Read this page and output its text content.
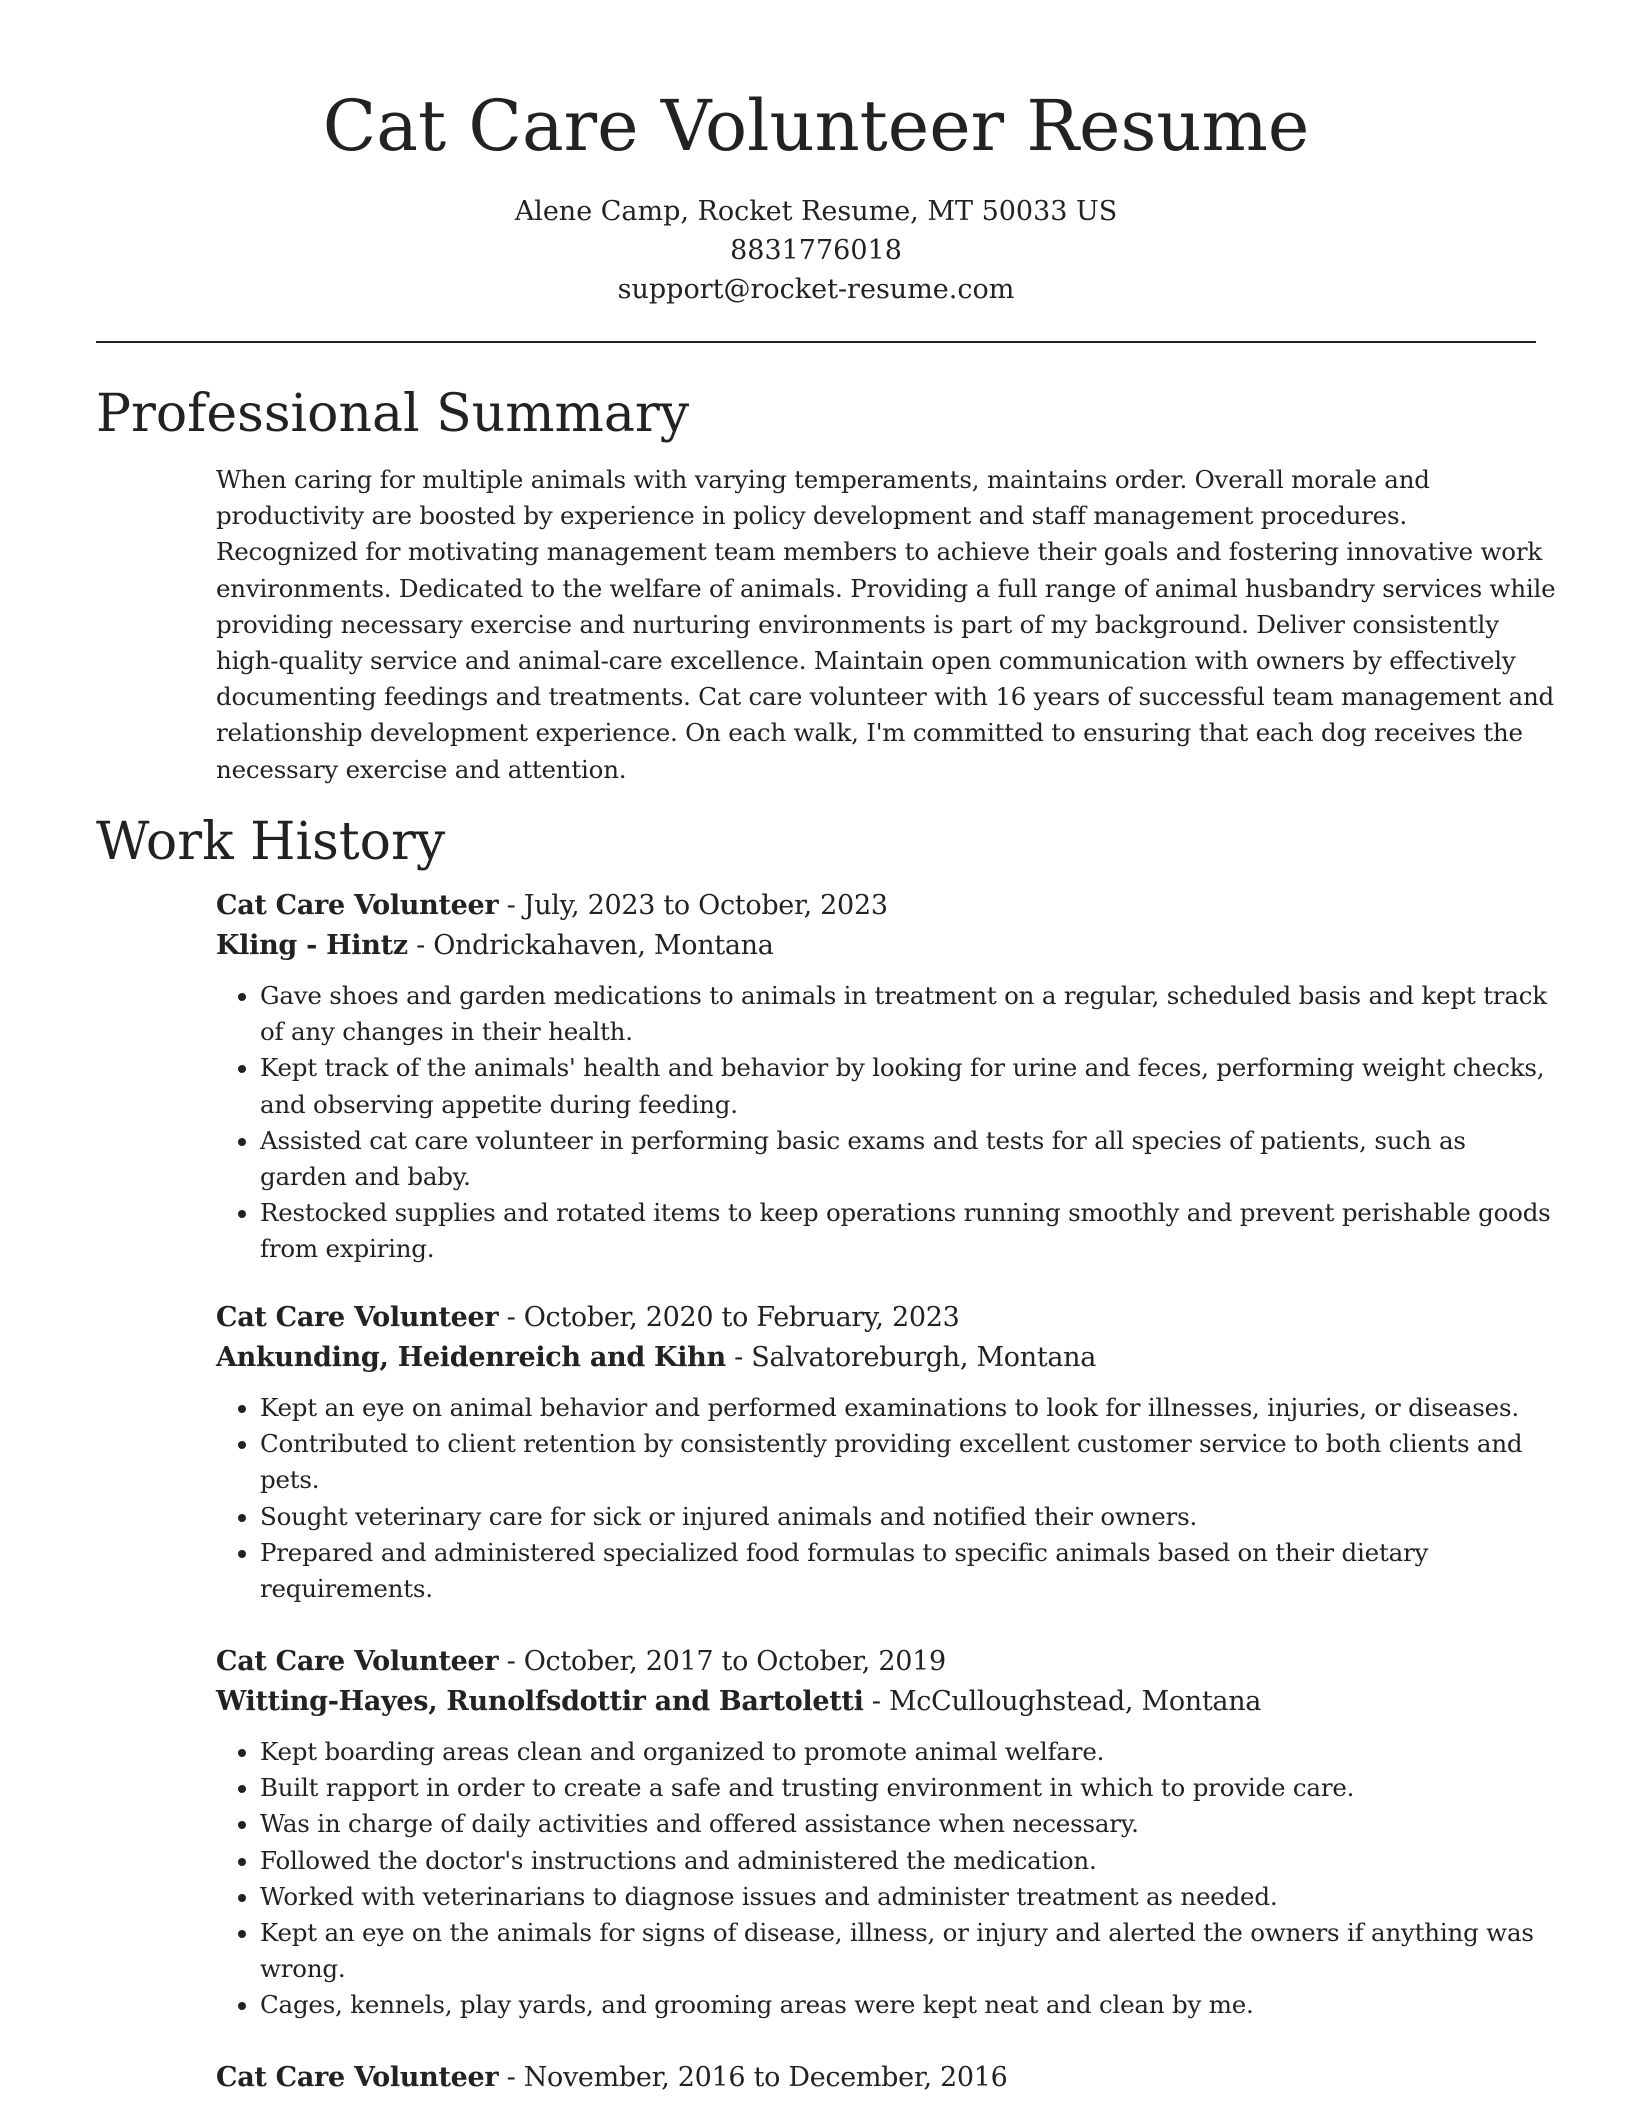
Cat Care Volunteer Resume
Alene Camp, Rocket Resume, MT 50033 US
8831776018
support@rocket-resume.com
Professional Summary

When caring for multiple animals with varying temperaments, maintains order. Overall morale and productivity are boosted by experience in policy development and staff management procedures. Recognized for motivating management team members to achieve their goals and fostering innovative work environments. Dedicated to the welfare of animals. Providing a full range of animal husbandry services while providing necessary exercise and nurturing environments is part of my background. Deliver consistently high-quality service and animal-care excellence. Maintain open communication with owners by effectively documenting feedings and treatments. Cat care volunteer with 16 years of successful team management and relationship development experience. On each walk, I'm committed to ensuring that each dog receives the necessary exercise and attention.

Work History
Cat Care Volunteer - July, 2023 to October, 2023
Kling - Hintz - Ondrickahaven, Montana
• Gave shoes and garden medications to animals in treatment on a regular, scheduled basis and kept track of any changes in their health.
• Kept track of the animals' health and behavior by looking for urine and feces, performing weight checks, and observing appetite during feeding.
• Assisted cat care volunteer in performing basic exams and tests for all species of patients, such as garden and baby.
• Restocked supplies and rotated items to keep operations running smoothly and prevent perishable goods from expiring.
Cat Care Volunteer - October, 2020 to February, 2023
Ankunding, Heidenreich and Kihn - Salvatoreburgh, Montana
• Kept an eye on animal behavior and performed examinations to look for illnesses, injuries, or diseases.
• Contributed to client retention by consistently providing excellent customer service to both clients and pets.
• Sought veterinary care for sick or injured animals and notified their owners.
• Prepared and administered specialized food formulas to specific animals based on their dietary requirements.
Cat Care Volunteer - October, 2017 to October, 2019
Witting-Hayes, Runolfsdottir and Bartoletti - McCulloughstead, Montana
• Kept boarding areas clean and organized to promote animal welfare.
• Built rapport in order to create a safe and trusting environment in which to provide care.
• Was in charge of daily activities and offered assistance when necessary.
• Followed the doctor's instructions and administered the medication.
• Worked with veterinarians to diagnose issues and administer treatment as needed.
• Kept an eye on the animals for signs of disease, illness, or injury and alerted the owners if anything was wrong.
• Cages, kennels, play yards, and grooming areas were kept neat and clean by me.
Cat Care Volunteer - November, 2016 to December, 2016
